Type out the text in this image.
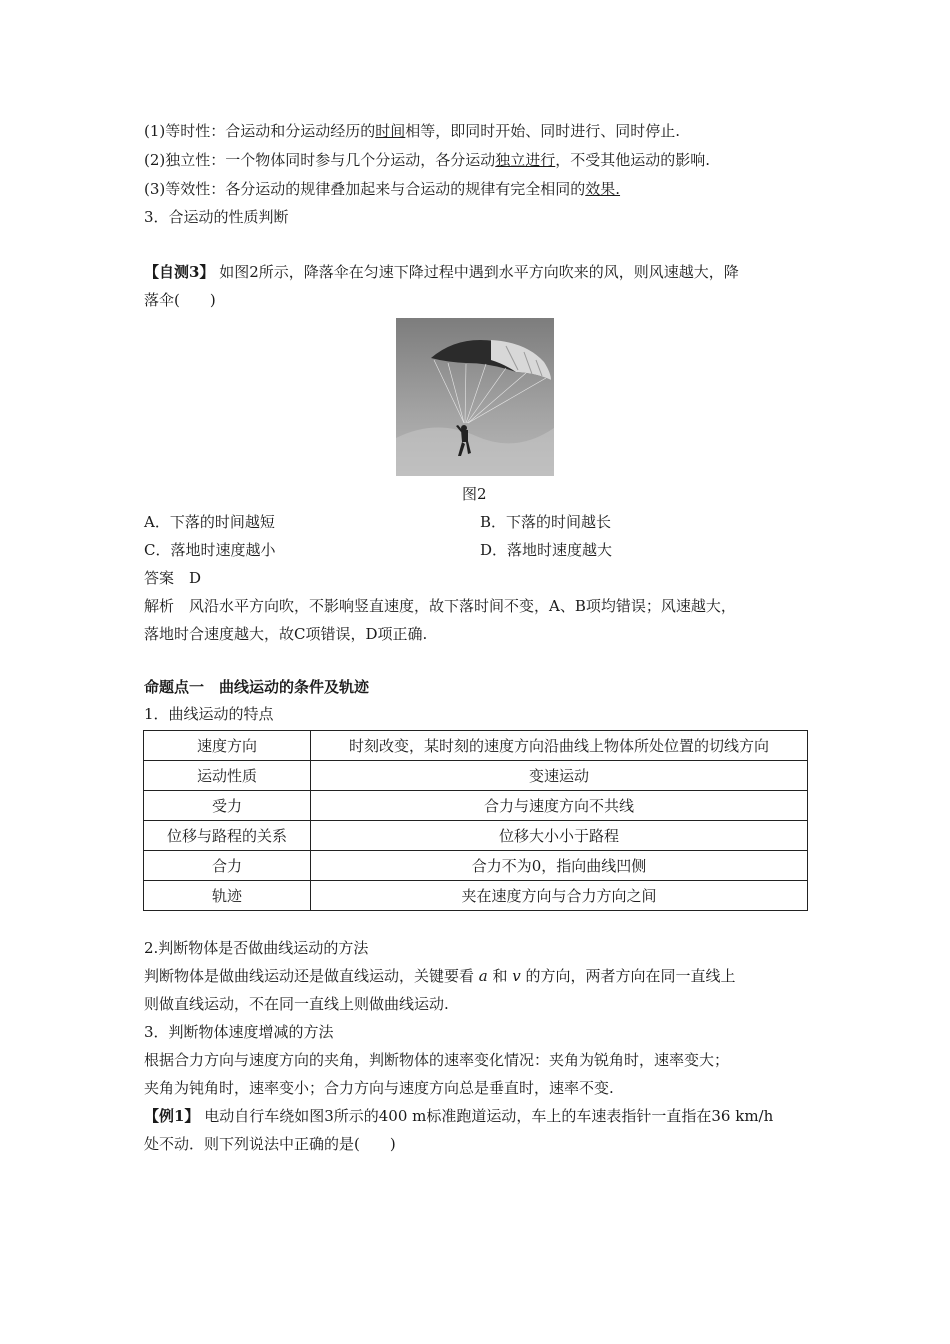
(1)等时性：合运动和分运动经历的时间相等，即同时开始、同时进行、同时停止.
(2)独立性：一个物体同时参与几个分运动，各分运动独立进行，不受其他运动的影响.
(3)等效性：各分运动的规律叠加起来与合运动的规律有完全相同的效果.
3．合运动的性质判断
【自测3】 如图2所示，降落伞在匀速下降过程中遇到水平方向吹来的风，则风速越大，降
落伞(　　)
图2
A．下落的时间越短	B．下落的时间越长
C．落地时速度越小	D．落地时速度越大
答案　D
解析　风沿水平方向吹，不影响竖直速度，故下落时间不变，A、B项均错误；风速越大，
落地时合速度越大，故C项错误，D项正确.
命题点一　曲线运动的条件及轨迹
1．曲线运动的特点
速度方向	时刻改变，某时刻的速度方向沿曲线上物体所处位置的切线方向
运动性质	变速运动
受力	合力与速度方向不共线
位移与路程的关系	位移大小小于路程
合力	合力不为0，指向曲线凹侧
轨迹	夹在速度方向与合力方向之间
2.判断物体是否做曲线运动的方法
判断物体是做曲线运动还是做直线运动，关键要看 a 和 v 的方向，两者方向在同一直线上
则做直线运动，不在同一直线上则做曲线运动.
3．判断物体速度增减的方法
根据合力方向与速度方向的夹角，判断物体的速率变化情况：夹角为锐角时，速率变大；
夹角为钝角时，速率变小；合力方向与速度方向总是垂直时，速率不变.
【例1】 电动自行车绕如图3所示的400 m标准跑道运动，车上的车速表指针一直指在36 km/h
处不动．则下列说法中正确的是(　　)
